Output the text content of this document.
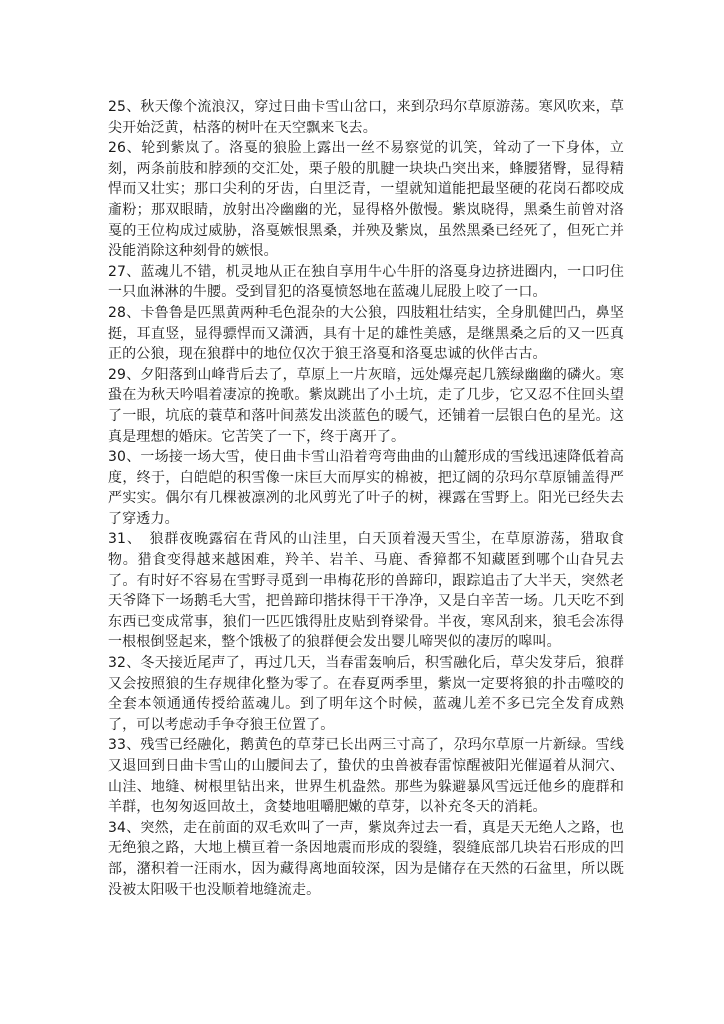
25、秋天像个流浪汉，穿过日曲卡雪山岔口，来到尕玛尔草原游荡。寒风吹来，草尖开始泛黄，枯落的树叶在天空飘来飞去。

26、轮到紫岚了。洛戛的狼脸上露出一丝不易察觉的讥笑，耸动了一下身体，立刻，两条前肢和脖颈的交汇处，栗子般的肌腱一块块凸突出来，蜂腰猪臀，显得精悍而又壮实；那口尖利的牙齿，白里泛青，一望就知道能把最坚硬的花岗石都咬成齑粉；那双眼睛，放射出冷幽幽的光，显得格外傲慢。紫岚晓得，黑桑生前曾对洛戛的王位构成过威胁，洛戛嫉恨黑桑，并殃及紫岚，虽然黑桑已经死了，但死亡并没能消除这种刻骨的嫉恨。

27、蓝魂儿不错，机灵地从正在独自享用牛心牛肝的洛戛身边挤进圈内，一口叼住一只血淋淋的牛腰。受到冒犯的洛戛愤怒地在蓝魂儿屁股上咬了一口。

28、卡鲁鲁是匹黑黄两种毛色混杂的大公狼，四肢粗壮结实，全身肌健凹凸，鼻坚挺，耳直竖，显得骠悍而又潇洒，具有十足的雄性美感，是继黑桑之后的又一匹真正的公狼，现在狼群中的地位仅次于狼王洛戛和洛戛忠诚的伙伴古古。

29、夕阳落到山峰背后去了，草原上一片灰暗，远处爆亮起几簇绿幽幽的磷火。寒蛩在为秋天吟唱着凄凉的挽歌。紫岚跳出了小土坑，走了几步，它又忍不住回头望了一眼，坑底的蓑草和落叶间蒸发出淡蓝色的暖气，还铺着一层银白色的星光。这真是理想的婚床。它苦笑了一下，终于离开了。

30、一场接一场大雪，使日曲卡雪山沿着弯弯曲曲的山麓形成的雪线迅速降低着高度，终于，白皑皑的积雪像一床巨大而厚实的棉被，把辽阔的尕玛尔草原铺盖得严严实实。偶尔有几棵被凛冽的北风剪光了叶子的树，裸露在雪野上。阳光已经失去了穿透力。

31、　狼群夜晚露宿在背风的山洼里，白天顶着漫天雪尘，在草原游荡，猎取食物。猎食变得越来越困难，羚羊、岩羊、马鹿、香獐都不知藏匿到哪个山旮旯去了。有时好不容易在雪野寻觅到一串梅花形的兽蹄印，跟踪追击了大半天，突然老天爷降下一场鹅毛大雪，把兽蹄印揩抹得干干净净，又是白辛苦一场。几天吃不到东西已变成常事，狼们一匹匹饿得肚皮贴到脊梁骨。半夜，寒风刮来，狼毛会冻得一根根倒竖起来，整个饿极了的狼群便会发出婴儿啼哭似的凄厉的嗥叫。

32、冬天接近尾声了，再过几天，当春雷轰响后，积雪融化后，草尖发芽后，狼群又会按照狼的生存规律化整为零了。在春夏两季里，紫岚一定要将狼的扑击噬咬的全套本领通通传授给蓝魂儿。到了明年这个时候，蓝魂儿差不多已完全发育成熟了，可以考虑动手争夺狼王位置了。

33、残雪已经融化，鹅黄色的草芽已长出两三寸高了，尕玛尔草原一片新绿。雪线又退回到日曲卡雪山的山腰间去了，蛰伏的虫兽被春雷惊醒被阳光催逼着从洞穴、山洼、地缝、树根里钻出来，世界生机盎然。那些为躲避暴风雪远迁他乡的鹿群和羊群，也匆匆返回故土，贪婪地咀嚼肥嫩的草芽，以补充冬天的消耗。

34、突然，走在前面的双毛欢叫了一声，紫岚奔过去一看，真是天无绝人之路，也无绝狼之路，大地上横亘着一条因地震而形成的裂缝，裂缝底部几块岩石形成的凹部，潴积着一汪雨水，因为藏得离地面较深，因为是储存在天然的石盆里，所以既没被太阳吸干也没顺着地缝流走。
